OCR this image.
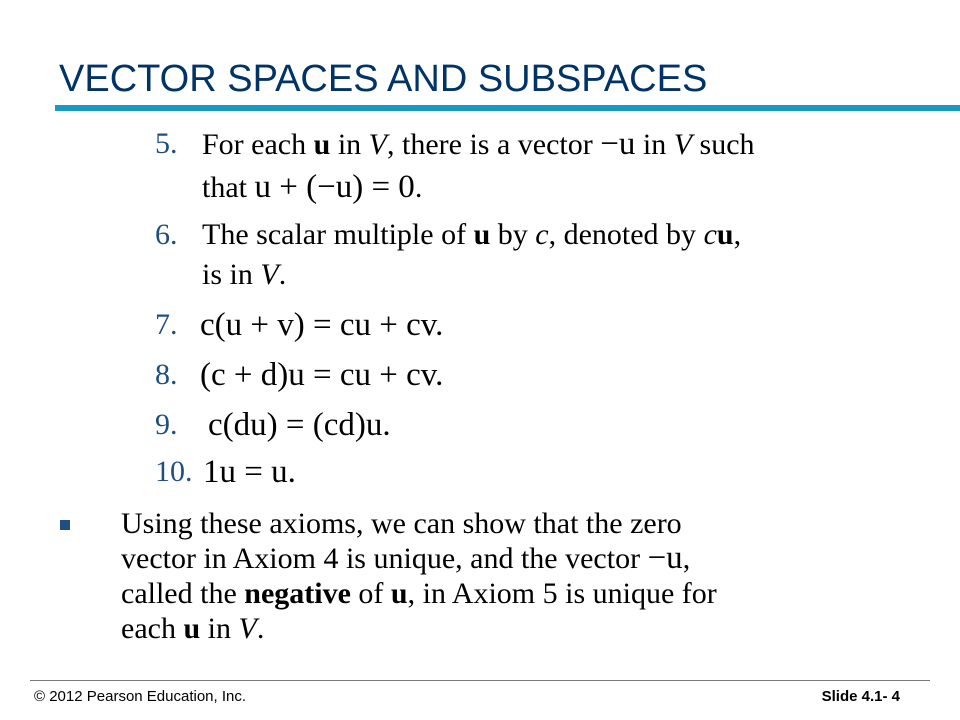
VECTOR SPACES AND SUBSPACES
5. For each u in V, there is a vector −u in V such
that u + (−u) = 0.
6. The scalar multiple of u by c, denoted by cu,
is in V.
7. c(u + v) = cu + cv.
8. (c + d)u = cu + cv.
9. c(du) = (cd)u.
10. 1u = u.
Using these axioms, we can show that the zero
vector in Axiom 4 is unique, and the vector −u,
called the negative of u, in Axiom 5 is unique for
each u in V.
© 2012 Pearson Education, Inc.	Slide 4.1- 4
